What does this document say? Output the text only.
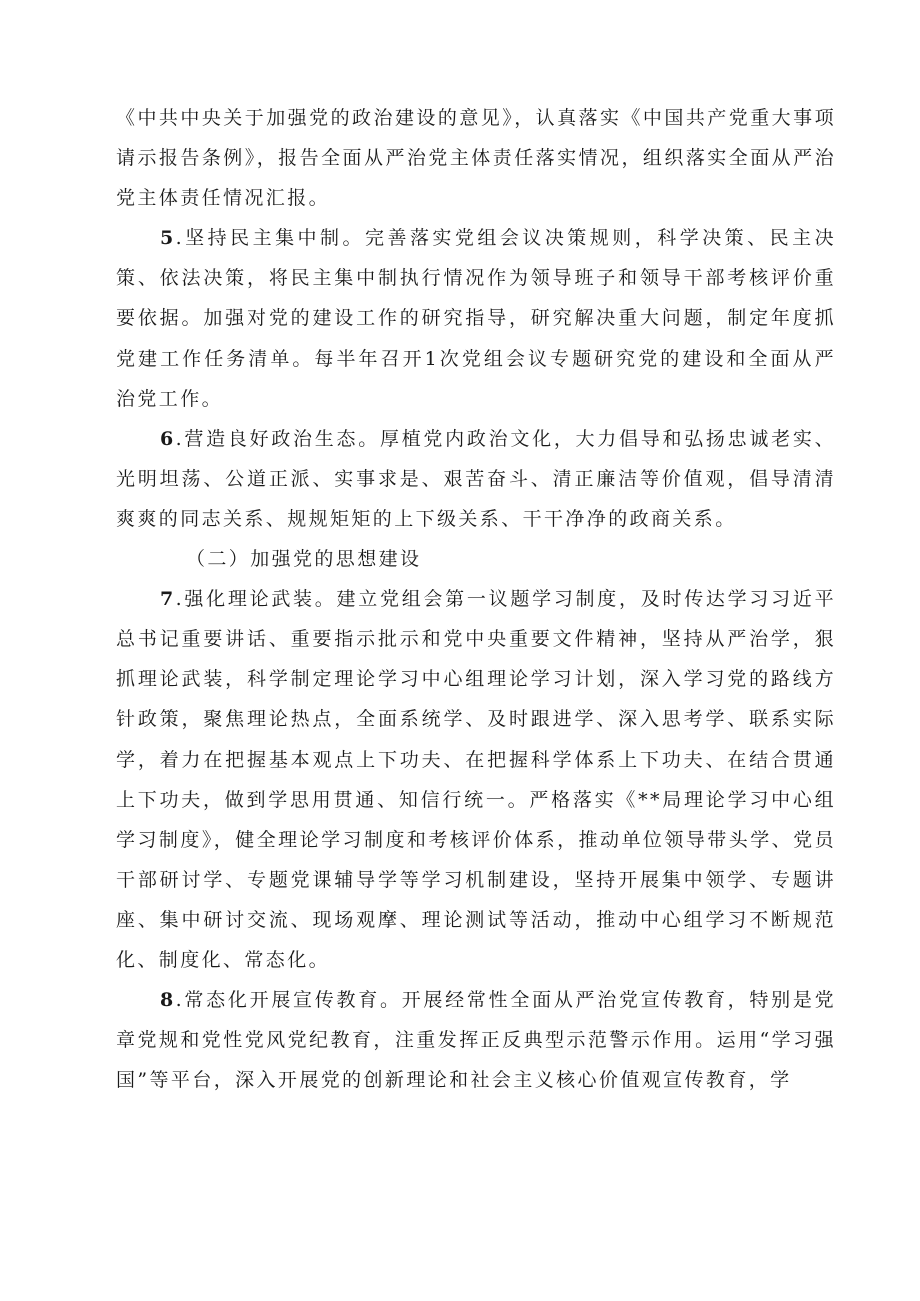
《中共中央关于加强党的政治建设的意见》，认真落实《中国共产党重大事项请示报告条例》，报告全面从严治党主体责任落实情况，组织落实全面从严治党主体责任情况汇报。

5.坚持民主集中制。完善落实党组会议决策规则，科学决策、民主决策、依法决策，将民主集中制执行情况作为领导班子和领导干部考核评价重要依据。加强对党的建设工作的研究指导，研究解决重大问题，制定年度抓党建工作任务清单。每半年召开1次党组会议专题研究党的建设和全面从严治党工作。

6.营造良好政治生态。厚植党内政治文化，大力倡导和弘扬忠诚老实、光明坦荡、公道正派、实事求是、艰苦奋斗、清正廉洁等价值观，倡导清清爽爽的同志关系、规规矩矩的上下级关系、干干净净的政商关系。

（二）加强党的思想建设

7.强化理论武装。建立党组会第一议题学习制度，及时传达学习习近平总书记重要讲话、重要指示批示和党中央重要文件精神，坚持从严治学，狠抓理论武装，科学制定理论学习中心组理论学习计划，深入学习党的路线方针政策，聚焦理论热点，全面系统学、及时跟进学、深入思考学、联系实际学，着力在把握基本观点上下功夫、在把握科学体系上下功夫、在结合贯通上下功夫，做到学思用贯通、知信行统一。严格落实《**局理论学习中心组学习制度》，健全理论学习制度和考核评价体系，推动单位领导带头学、党员干部研讨学、专题党课辅导学等学习机制建设，坚持开展集中领学、专题讲座、集中研讨交流、现场观摩、理论测试等活动，推动中心组学习不断规范化、制度化、常态化。

8.常态化开展宣传教育。开展经常性全面从严治党宣传教育，特别是党章党规和党性党风党纪教育，注重发挥正反典型示范警示作用。运用“学习强国”等平台，深入开展党的创新理论和社会主义核心价值观宣传教育，学
